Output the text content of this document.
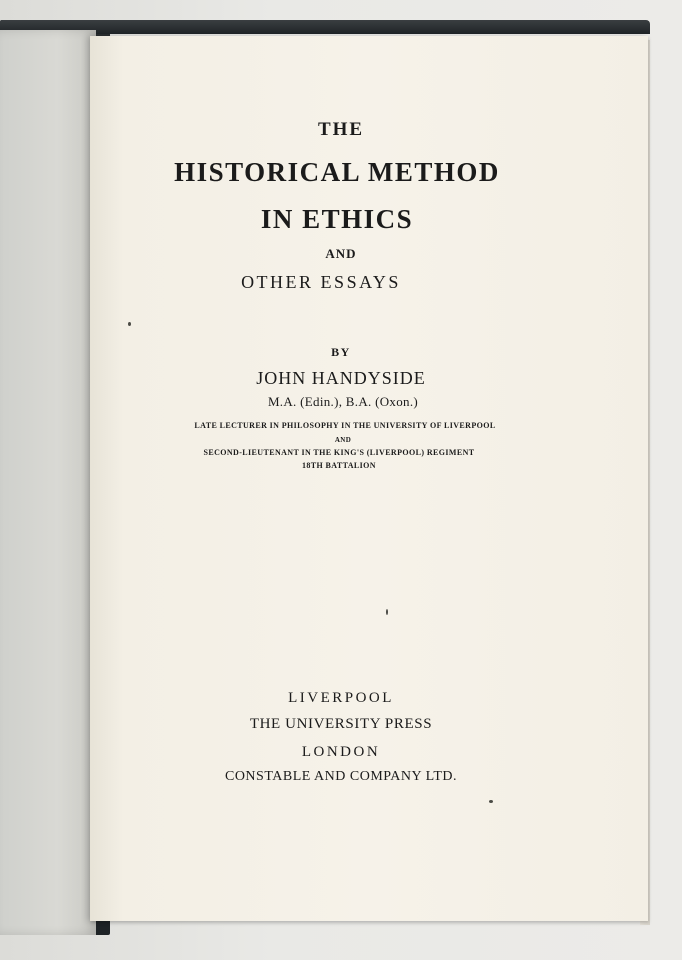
THE
HISTORICAL METHOD
IN ETHICS
AND
OTHER ESSAYS
BY
JOHN HANDYSIDE
M.A. (Edin.), B.A. (Oxon.)
LATE LECTURER IN PHILOSOPHY IN THE UNIVERSITY OF LIVERPOOL
AND
SECOND-LIEUTENANT IN THE KING'S (LIVERPOOL) REGIMENT
18TH BATTALION
LIVERPOOL
THE UNIVERSITY PRESS
LONDON
CONSTABLE AND COMPANY LTD.
